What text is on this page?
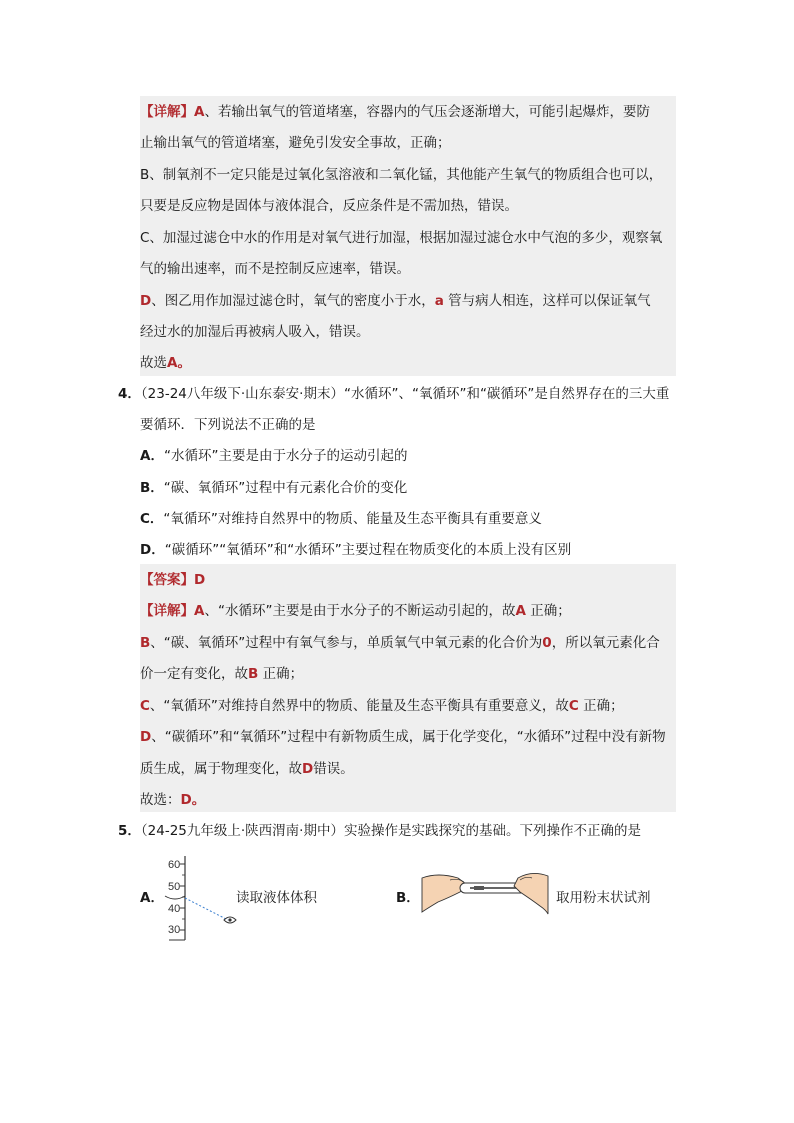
【详解】A、若输出氧气的管道堵塞，容器内的气压会逐渐增大，可能引起爆炸，要防
止输出氧气的管道堵塞，避免引发安全事故，正确；
B、制氧剂不一定只能是过氧化氢溶液和二氧化锰，其他能产生氧气的物质组合也可以，
只要是反应物是固体与液体混合，反应条件是不需加热，错误。
C、加湿过滤仓中水的作用是对氧气进行加湿，根据加湿过滤仓水中气泡的多少，观察氧
气的输出速率，而不是控制反应速率，错误。
D、图乙用作加湿过滤仓时，氧气的密度小于水，a 管与病人相连，这样可以保证氧气
经过水的加湿后再被病人吸入，错误。
故选A。
4．（23-24八年级下·山东泰安·期末）“水循环”、“氧循环”和“碳循环”是自然界存在的三大重
要循环．下列说法不正确的是
A．“水循环”主要是由于水分子的运动引起的
B．“碳、氧循环”过程中有元素化合价的变化
C．“氧循环”对维持自然界中的物质、能量及生态平衡具有重要意义
D．“碳循环”“氧循环”和“水循环”主要过程在物质变化的本质上没有区别
【答案】D
【详解】A、“水循环”主要是由于水分子的不断运动引起的，故A 正确；
B、“碳、氧循环”过程中有氧气参与，单质氧气中氧元素的化合价为0，所以氧元素化合
价一定有变化，故B 正确；
C、“氧循环”对维持自然界中的物质、能量及生态平衡具有重要意义，故C 正确；
D、“碳循环”和“氧循环”过程中有新物质生成，属于化学变化，“水循环”过程中没有新物
质生成，属于物理变化，故D错误。
故选：D。
5．（24-25九年级上·陕西渭南·期中）实验操作是实践探究的基础。下列操作不正确的是
A．
60
50
40
30
读取液体体积	B．	取用粉末状试剂
